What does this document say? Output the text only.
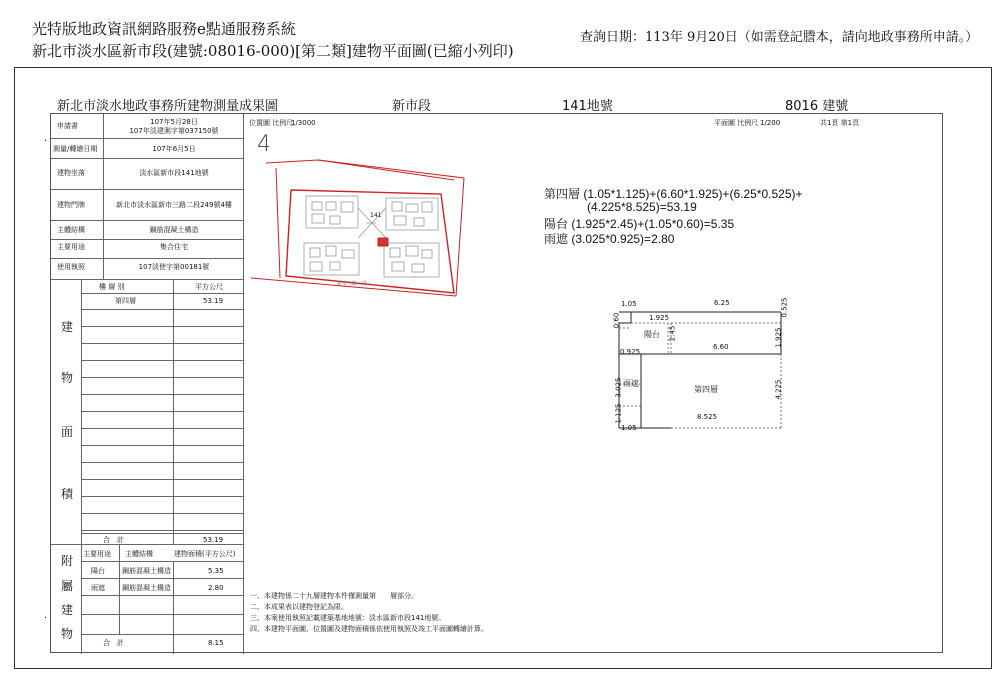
光特版地政資訊網路服務e點通服務系統
新北市淡水區新市段(建號:08016-000)[第二類]建物平面圖(已縮小列印)
查詢日期：113年 9月20日（如需登記謄本，請向地政事務所申請。）
新北市淡水地政事務所建物測量成果圖	新市段	141地號	8016 建號
申請書	107年5月28日
107年淡建測字第037150號
測量/轉繪日期	107年6月5日
建物坐落	淡水區新市段141地號
建物門牌	新北市淡水區新市三路二段249號4樓
主體結構	鋼筋混凝土構造
主要用途	集合住宅
使用執照	107淡使字第00181號
樓 層 別	平方公尺
第四層	53.19
建
物
面
積
合　計	53.19
主要用途 主體結構	建物面積(平方公尺)
陽台 鋼筋混凝土構造	5.35
雨遮 鋼筋混凝土構造	2.80
合　計	8.15
附
屬
建
物
位置圖 比例尺
1/3000
4
141
新市三路二段
平面圖 比例尺 1/200	共1頁 第1頁
第四層 (1.05*1.125)+(6.60*1.925)+(6.25*0.525)+
(4.225*8.525)=53.19
陽台 (1.925*2.45)+(1.05*0.60)=5.35
雨遮 (3.025*0.925)=2.80
1.05	6.25	0.525
1.925
0.60
2.45
陽台
6.60	1.925
0.925
雨遮
第四層
3.025	4.225
8.525
1.125
1.05
一、本建物係二十九層建物本件僅測量第　　層部分。
二、本成果表以建物登記為限。
三、本案使用執照記載建築基地地號：淡水區新市段141地號。
四、本建物平面圖、位置圖及建物面積係依使用執照及竣工平面圖轉繪計算。
·
·
